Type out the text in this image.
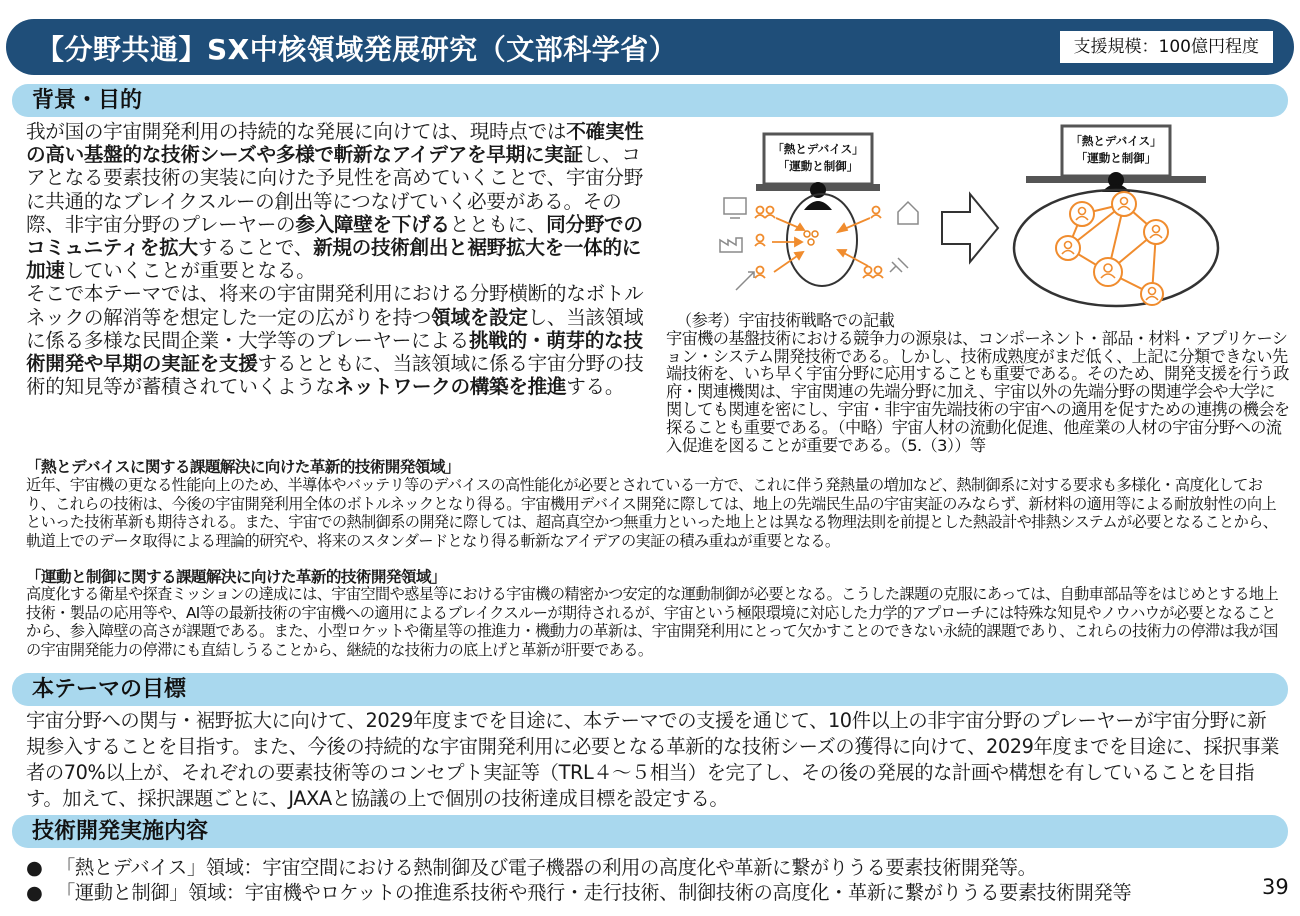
【分野共通】SX中核領域発展研究（文部科学省）	支援規模：100億円程度
背景・目的
我が国の宇宙開発利用の持続的な発展に向けては、現時点では不確実性の高い基盤的な技術シーズや多様で斬新なアイデアを早期に実証し、コアとなる要素技術の実装に向けた予見性を高めていくことで、宇宙分野に共通的なブレイクスルーの創出等につなげていく必要がある。その際、非宇宙分野のプレーヤーの参入障壁を下げるとともに、同分野でのコミュニティを拡大することで、新規の技術創出と裾野拡大を一体的に加速していくことが重要となる。
そこで本テーマでは、将来の宇宙開発利用における分野横断的なボトルネックの解消等を想定した一定の広がりを持つ領域を設定し、当該領域に係る多様な民間企業・大学等のプレーヤーによる挑戦的・萌芽的な技術開発や早期の実証を支援するとともに、当該領域に係る宇宙分野の技術的知見等が蓄積されていくようなネットワークの構築を推進する。
「熱とデバイス」
「運動と制御」
「熱とデバイス」
「運動と制御」
（参考）宇宙技術戦略での記載
宇宙機の基盤技術における競争力の源泉は、コンポーネント・部品・材料・アプリケーション・システム開発技術である。しかし、技術成熟度がまだ低く、上記に分類できない先端技術を、いち早く宇宙分野に応用することも重要である。そのため、開発支援を行う政府・関連機関は、宇宙関連の先端分野に加え、宇宙以外の先端分野の関連学会や大学に関しても関連を密にし、宇宙・非宇宙先端技術の宇宙への適用を促すための連携の機会を探ることも重要である。（中略）宇宙人材の流動化促進、他産業の人材の宇宙分野への流入促進を図ることが重要である。（5.（3））等
「熱とデバイスに関する課題解決に向けた革新的技術開発領域」
近年、宇宙機の更なる性能向上のため、半導体やバッテリ等のデバイスの高性能化が必要とされている一方で、これに伴う発熱量の増加など、熱制御系に対する要求も多様化・高度化しており、これらの技術は、今後の宇宙開発利用全体のボトルネックとなり得る。宇宙機用デバイス開発に際しては、地上の先端民生品の宇宙実証のみならず、新材料の適用等による耐放射性の向上といった技術革新も期待される。また、宇宙での熱制御系の開発に際しては、超高真空かつ無重力といった地上とは異なる物理法則を前提とした熱設計や排熱システムが必要となることから、軌道上でのデータ取得による理論的研究や、将来のスタンダードとなり得る斬新なアイデアの実証の積み重ねが重要となる。
「運動と制御に関する課題解決に向けた革新的技術開発領域」
高度化する衛星や探査ミッションの達成には、宇宙空間や惑星等における宇宙機の精密かつ安定的な運動制御が必要となる。こうした課題の克服にあっては、自動車部品等をはじめとする地上技術・製品の応用等や、AI等の最新技術の宇宙機への適用によるブレイクスルーが期待されるが、宇宙という極限環境に対応した力学的アプローチには特殊な知見やノウハウが必要となることから、参入障壁の高さが課題である。また、小型ロケットや衛星等の推進力・機動力の革新は、宇宙開発利用にとって欠かすことのできない永続的課題であり、これらの技術力の停滞は我が国の宇宙開発能力の停滞にも直結しうることから、継続的な技術力の底上げと革新が肝要である。
本テーマの目標
宇宙分野への関与・裾野拡大に向けて、2029年度までを目途に、本テーマでの支援を通じて、10件以上の非宇宙分野のプレーヤーが宇宙分野に新規参入することを目指す。また、今後の持続的な宇宙開発利用に必要となる革新的な技術シーズの獲得に向けて、2029年度までを目途に、採択事業者の70%以上が、それぞれの要素技術等のコンセプト実証等（TRL４～５相当）を完了し、その後の発展的な計画や構想を有していることを目指す。加えて、採択課題ごとに、JAXAと協議の上で個別の技術達成目標を設定する。
技術開発実施内容
● 「熱とデバイス」領域：宇宙空間における熱制御及び電子機器の利用の高度化や革新に繋がりうる要素技術開発等。
● 「運動と制御」領域：宇宙機やロケットの推進系技術や飛行・走行技術、制御技術の高度化・革新に繋がりうる要素技術開発等	39
